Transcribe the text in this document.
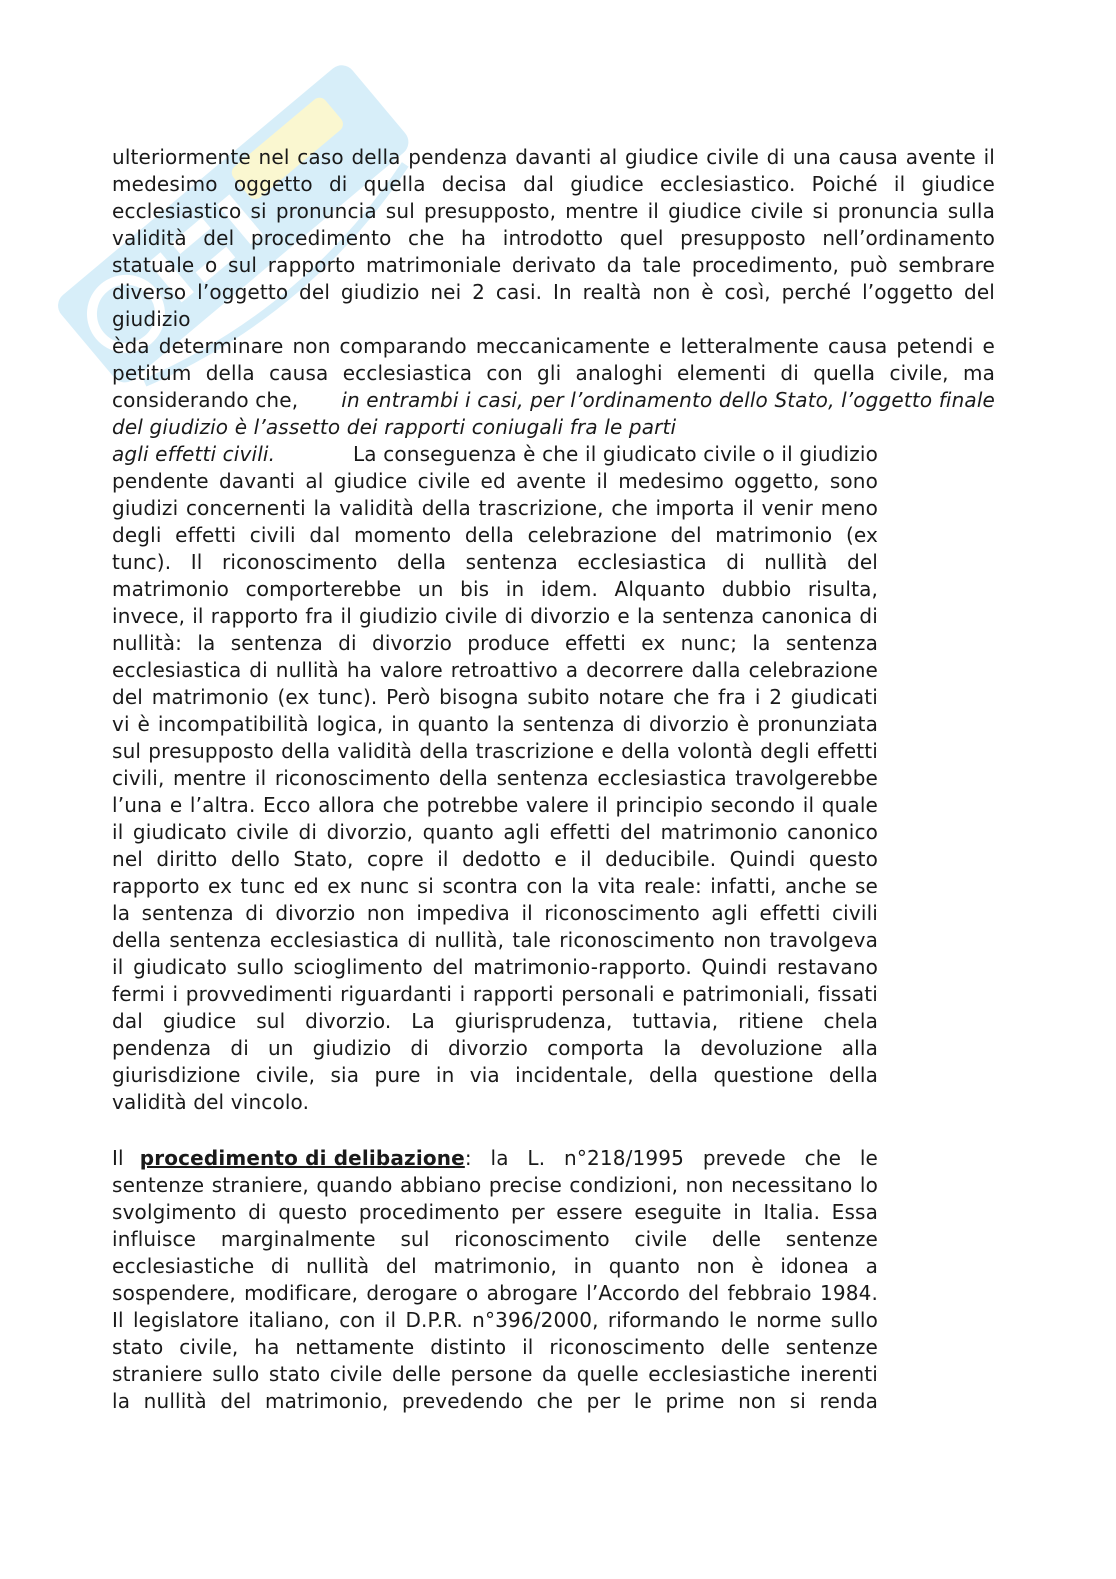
ulteriormente nel caso della pendenza davanti al giudice civile di una causa avente il
medesimo oggetto di quella decisa dal giudice ecclesiastico. Poiché il giudice
ecclesiastico si pronuncia sul presupposto, mentre il giudice civile si pronuncia sulla
validità del procedimento che ha introdotto quel presupposto nell’ordinamento
statuale o sul rapporto matrimoniale derivato da tale procedimento, può sembrare
diverso l’oggetto del giudizio nei 2 casi. In realtà non è così, perché l’oggetto del
giudizio
èda determinare non comparando meccanicamente e letteralmente causa petendi e
petitum della causa ecclesiastica con gli analoghi elementi di quella civile, ma
considerando che, in entrambi i casi, per l’ordinamento dello Stato, l’oggetto finale
del giudizio è l’assetto dei rapporti coniugali fra le parti
agli effetti civili.	La conseguenza è che il giudicato civile o il giudizio
pendente davanti al giudice civile ed avente il medesimo oggetto, sono
giudizi concernenti la validità della trascrizione, che importa il venir meno
degli effetti civili dal momento della celebrazione del matrimonio (ex
tunc). Il riconoscimento della sentenza ecclesiastica di nullità del
matrimonio comporterebbe un bis in idem. Alquanto dubbio risulta,
invece, il rapporto fra il giudizio civile di divorzio e la sentenza canonica di
nullità: la sentenza di divorzio produce effetti ex nunc; la sentenza
ecclesiastica di nullità ha valore retroattivo a decorrere dalla celebrazione
del matrimonio (ex tunc). Però bisogna subito notare che fra i 2 giudicati
vi è incompatibilità logica, in quanto la sentenza di divorzio è pronunziata
sul presupposto della validità della trascrizione e della volontà degli effetti
civili, mentre il riconoscimento della sentenza ecclesiastica travolgerebbe
l’una e l’altra. Ecco allora che potrebbe valere il principio secondo il quale
il giudicato civile di divorzio, quanto agli effetti del matrimonio canonico
nel diritto dello Stato, copre il dedotto e il deducibile. Quindi questo
rapporto ex tunc ed ex nunc si scontra con la vita reale: infatti, anche se
la sentenza di divorzio non impediva il riconoscimento agli effetti civili
della sentenza ecclesiastica di nullità, tale riconoscimento non travolgeva
il giudicato sullo scioglimento del matrimonio-rapporto. Quindi restavano
fermi i provvedimenti riguardanti i rapporti personali e patrimoniali, fissati
dal giudice sul divorzio. La giurisprudenza, tuttavia, ritiene chela
pendenza di un giudizio di divorzio comporta la devoluzione alla
giurisdizione civile, sia pure in via incidentale, della questione della
validità del vincolo.
Il procedimento di delibazione : la L. n°218/1995 prevede che le
sentenze straniere, quando abbiano precise condizioni, non necessitano lo
svolgimento di questo procedimento per essere eseguite in Italia. Essa
influisce marginalmente sul riconoscimento civile delle sentenze
ecclesiastiche di nullità del matrimonio, in quanto non è idonea a
sospendere, modificare, derogare o abrogare l’Accordo del febbraio 1984.
Il legislatore italiano, con il D.P.R. n°396/2000, riformando le norme sullo
stato civile, ha nettamente distinto il riconoscimento delle sentenze
straniere sullo stato civile delle persone da quelle ecclesiastiche inerenti
la nullità del matrimonio, prevedendo che per le prime non si renda
